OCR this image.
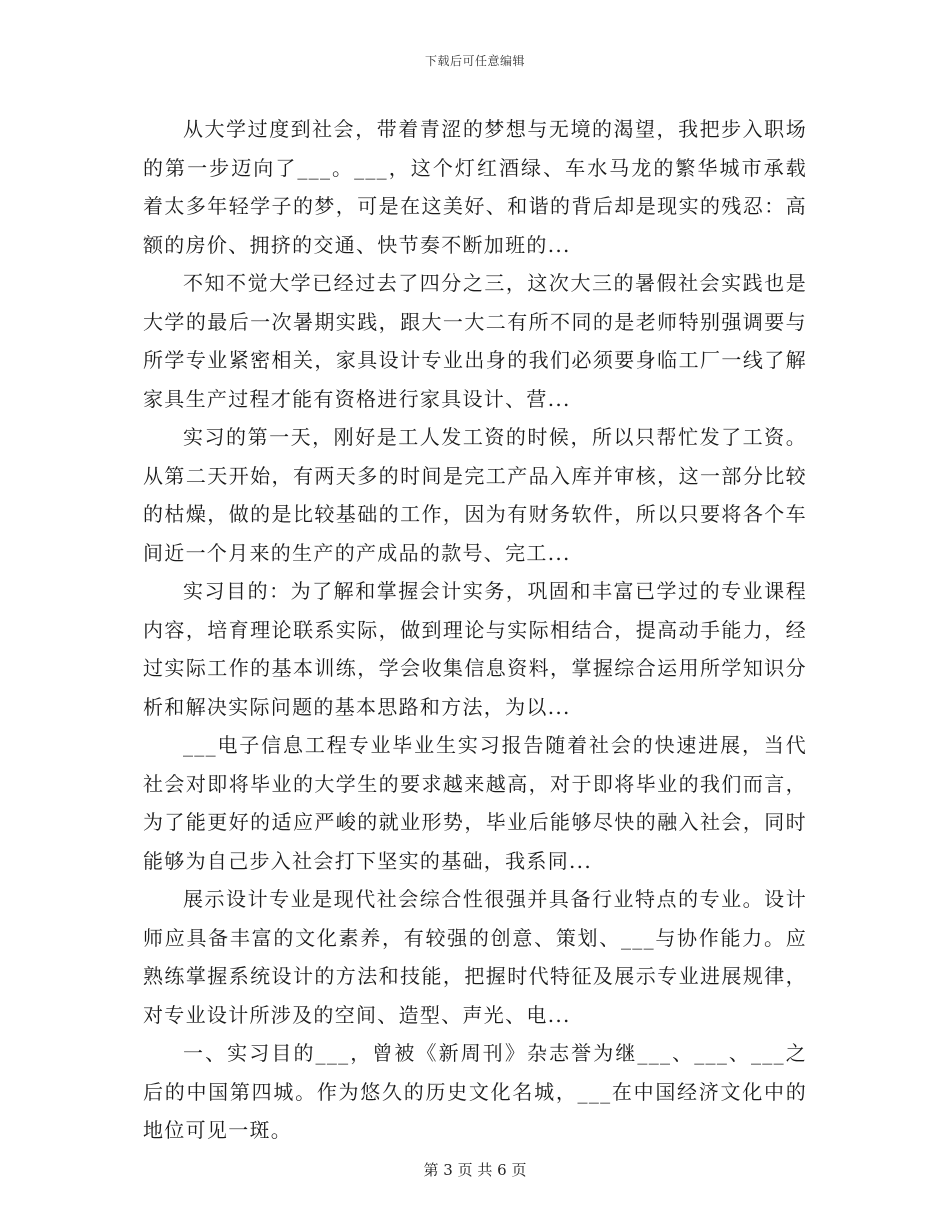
下载后可任意编辑

从大学过度到社会，带着青涩的梦想与无境的渴望，我把步入职场的第一步迈向了___。___，这个灯红酒绿、车水马龙的繁华城市承载着太多年轻学子的梦，可是在这美好、和谐的背后却是现实的残忍：高额的房价、拥挤的交通、快节奏不断加班的...

不知不觉大学已经过去了四分之三，这次大三的暑假社会实践也是大学的最后一次暑期实践，跟大一大二有所不同的是老师特别强调要与所学专业紧密相关，家具设计专业出身的我们必须要身临工厂一线了解家具生产过程才能有资格进行家具设计、营...

实习的第一天，刚好是工人发工资的时候，所以只帮忙发了工资。从第二天开始，有两天多的时间是完工产品入库并审核，这一部分比较的枯燥，做的是比较基础的工作，因为有财务软件，所以只要将各个车间近一个月来的生产的产成品的款号、完工...

实习目的：为了解和掌握会计实务，巩固和丰富已学过的专业课程内容，培育理论联系实际，做到理论与实际相结合，提高动手能力，经过实际工作的基本训练，学会收集信息资料，掌握综合运用所学知识分析和解决实际问题的基本思路和方法，为以...

___电子信息工程专业毕业生实习报告随着社会的快速进展，当代社会对即将毕业的大学生的要求越来越高，对于即将毕业的我们而言，为了能更好的适应严峻的就业形势，毕业后能够尽快的融入社会，同时能够为自己步入社会打下坚实的基础，我系同...

展示设计专业是现代社会综合性很强并具备行业特点的专业。设计师应具备丰富的文化素养，有较强的创意、策划、___与协作能力。应熟练掌握系统设计的方法和技能，把握时代特征及展示专业进展规律，对专业设计所涉及的空间、造型、声光、电...

一、实习目的___，曾被《新周刊》杂志誉为继___、___、___之后的中国第四城。作为悠久的历史文化名城，___在中国经济文化中的地位可见一斑。

第 3 页 共 6 页
